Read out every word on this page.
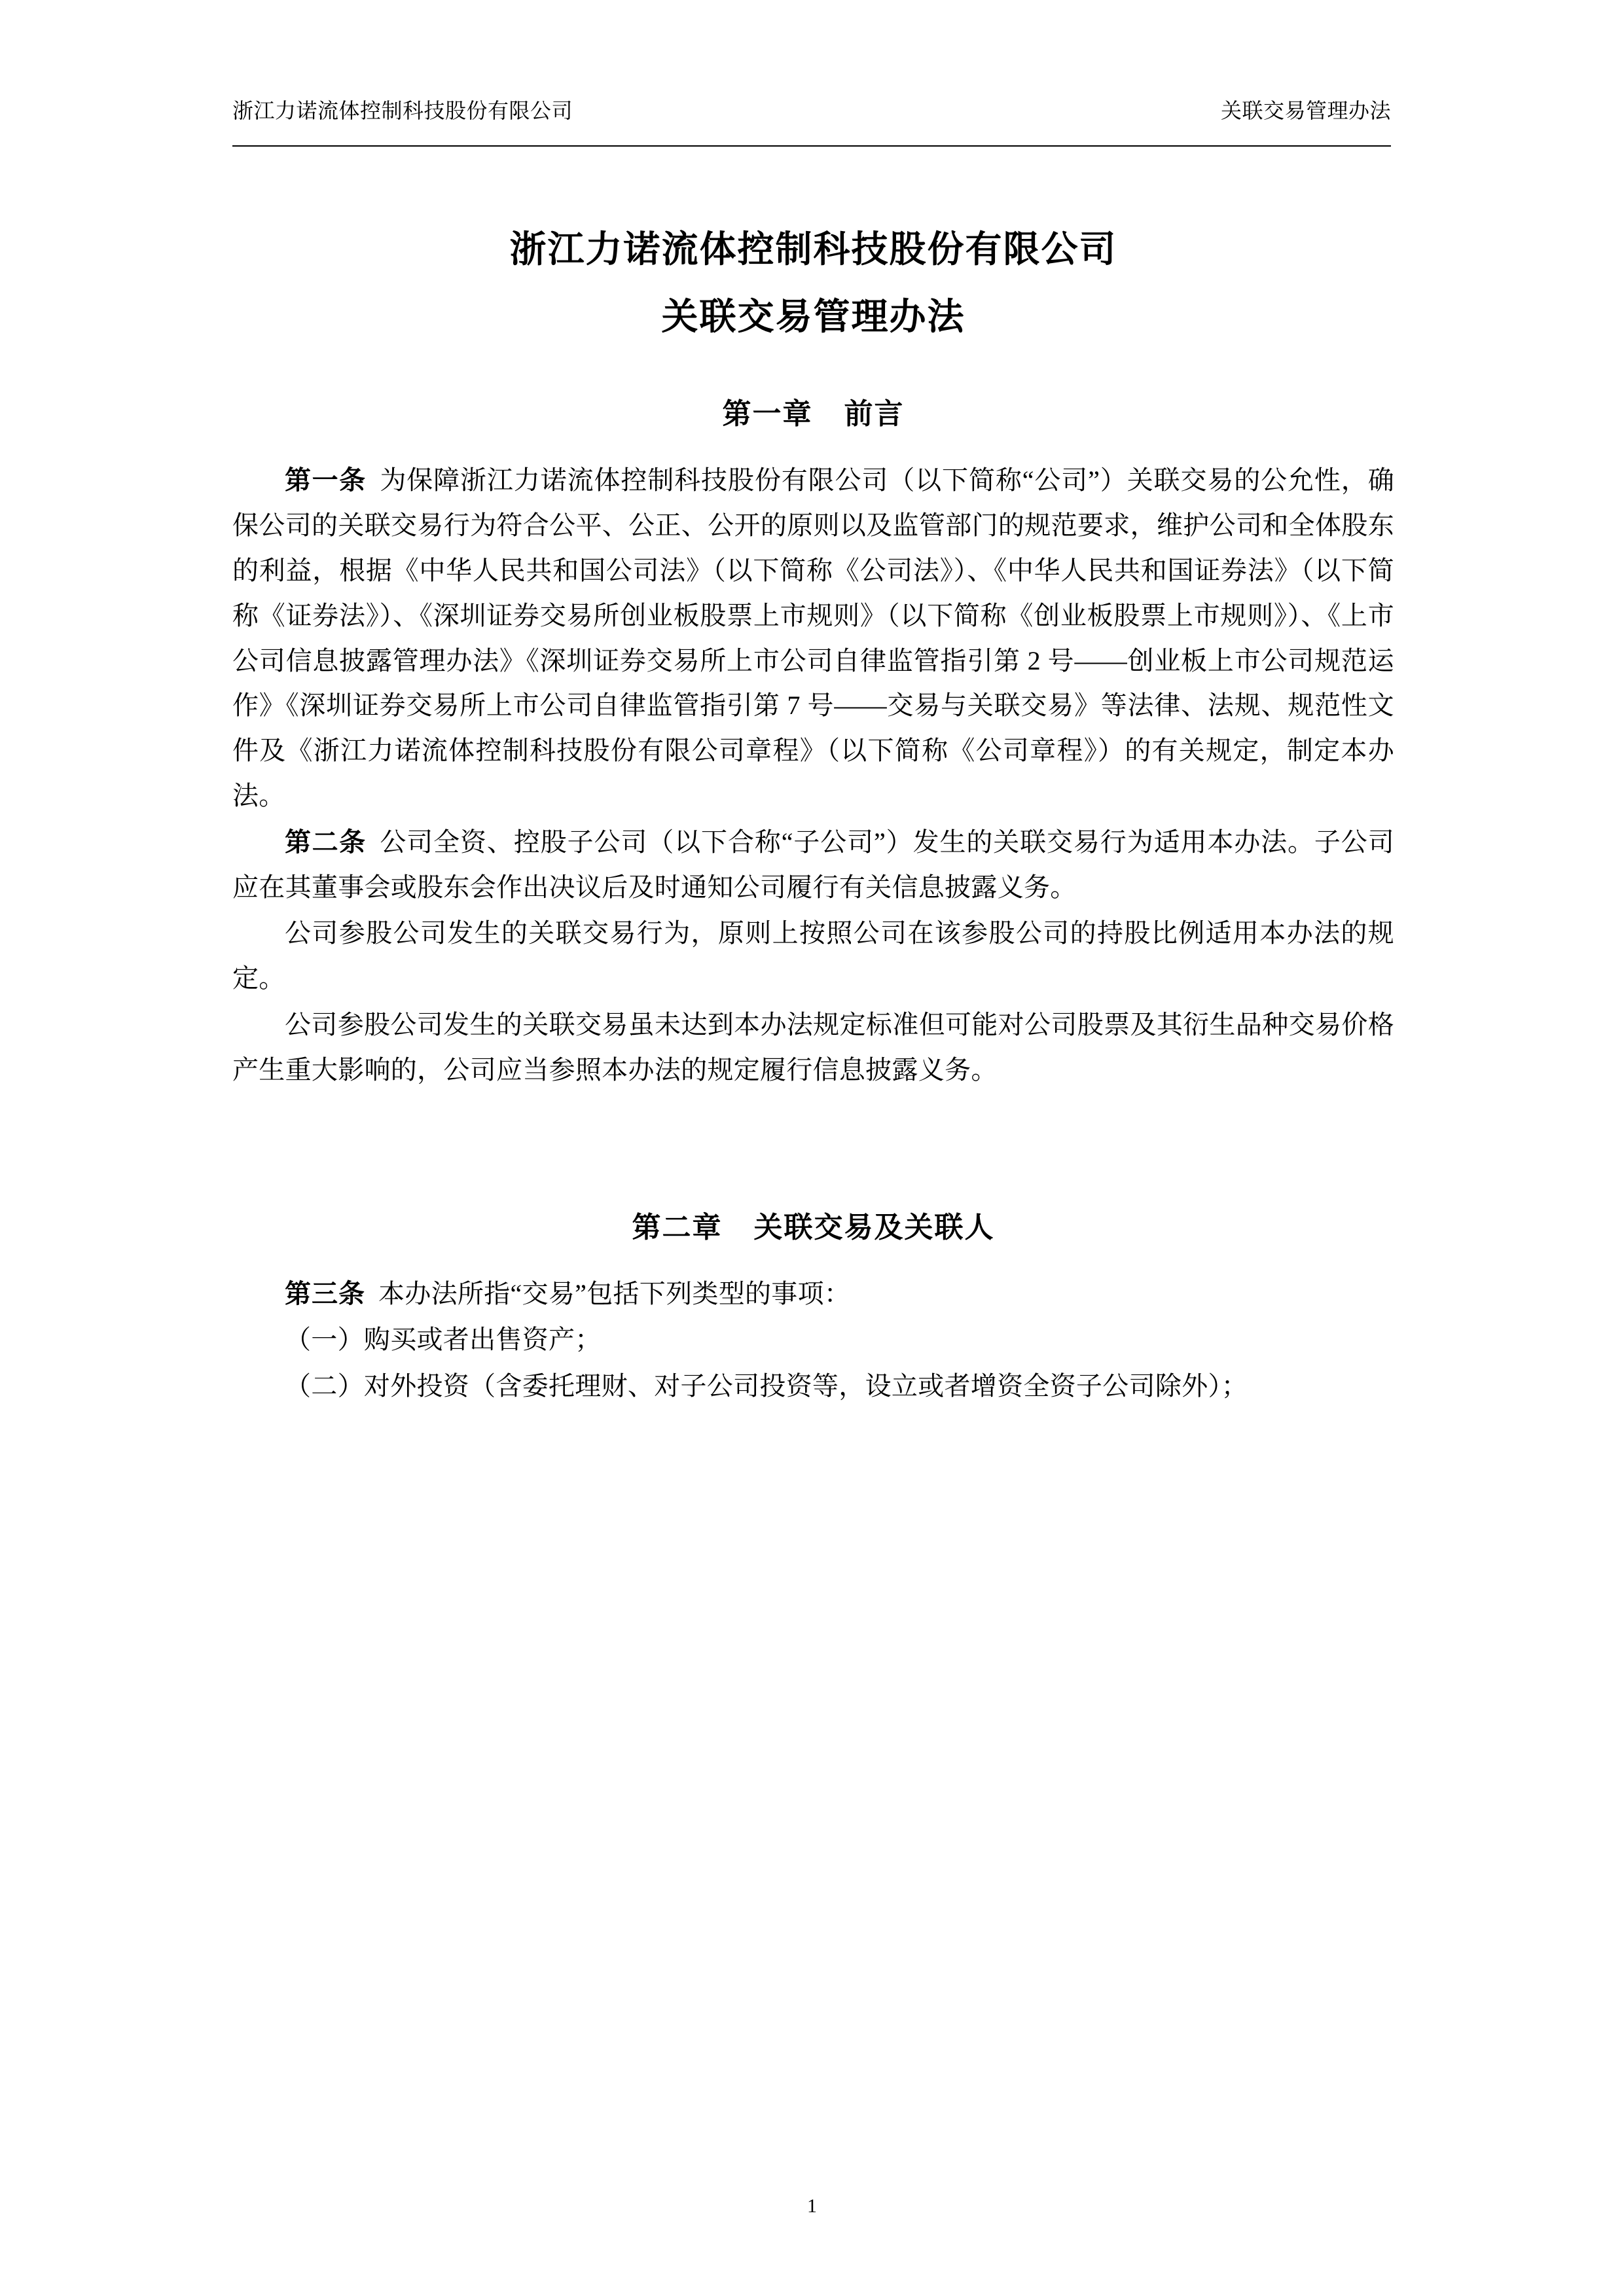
浙江力诺流体控制科技股份有限公司	关联交易管理办法
浙江力诺流体控制科技股份有限公司
关联交易管理办法
第一章 前言

第一条 为保障浙江力诺流体控制科技股份有限公司（以下简称“公司”）关联交易的公允性，确保公司的关联交易行为符合公平、公正、公开的原则以及监管部门的规范要求，维护公司和全体股东的利益，根据《中华人民共和国公司法》（以下简称《公司法》）、《中华人民共和国证券法》（以下简称《证券法》）、《深圳证券交易所创业板股票上市规则》（以下简称《创业板股票上市规则》）、《上市公司信息披露管理办法》《深圳证券交易所上市公司自律监管指引第 2 号——创业板上市公司规范运作》《深圳证券交易所上市公司自律监管指引第 7 号——交易与关联交易》等法律、法规、规范性文件及《浙江力诺流体控制科技股份有限公司章程》（以下简称《公司章程》）的有关规定，制定本办法。

第二条 公司全资、控股子公司（以下合称“子公司”）发生的关联交易行为适用本办法。子公司应在其董事会或股东会作出决议后及时通知公司履行有关信息披露义务。

公司参股公司发生的关联交易行为，原则上按照公司在该参股公司的持股比例适用本办法的规定。

公司参股公司发生的关联交易虽未达到本办法规定标准但可能对公司股票及其衍生品种交易价格产生重大影响的，公司应当参照本办法的规定履行信息披露义务。

第二章 关联交易及关联人

第三条 本办法所指“交易”包括下列类型的事项：

（一）购买或者出售资产；

（二）对外投资（含委托理财、对子公司投资等，设立或者增资全资子公司除外）；

1
